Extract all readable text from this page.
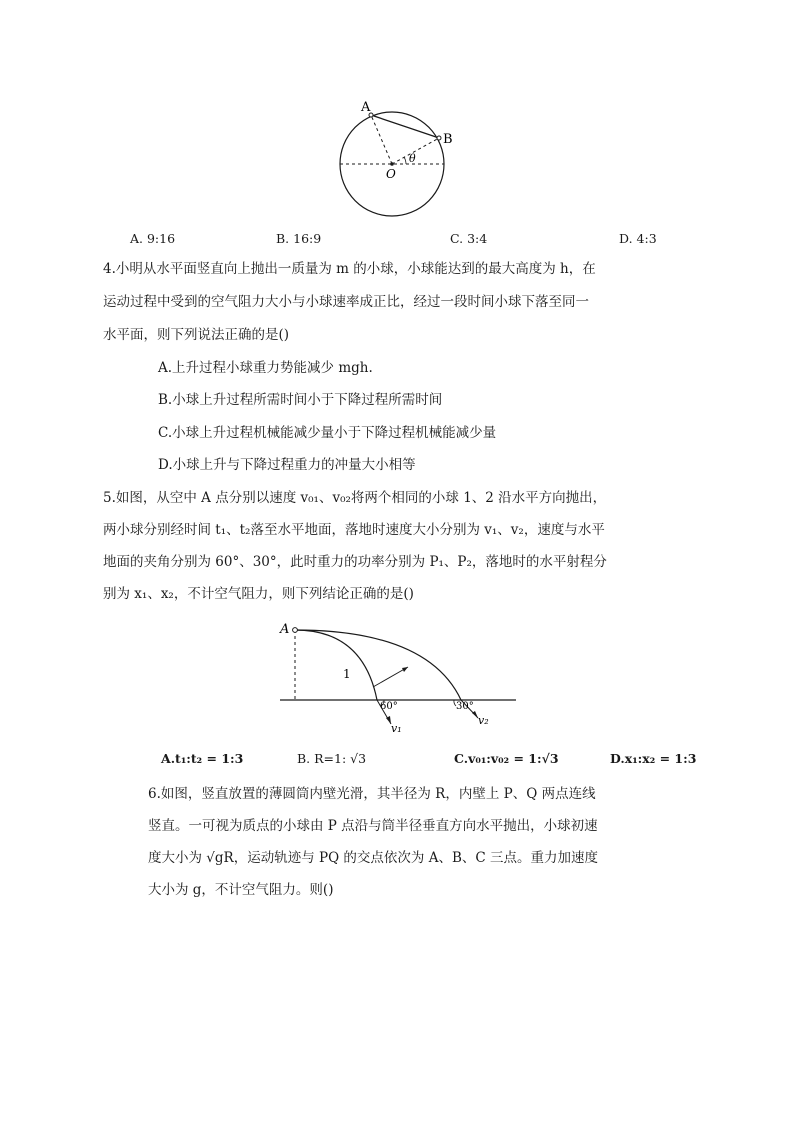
A
B
O
θ
A. 9:16	B. 16:9	C. 3:4	D. 4:3
4.小明从水平面竖直向上抛出一质量为 m 的小球，小球能达到的最大高度为 h，在
运动过程中受到的空气阻力大小与小球速率成正比，经过一段时间小球下落至同一
水平面，则下列说法正确的是()
A.上升过程小球重力势能减少 mgh.
B.小球上升过程所需时间小于下降过程所需时间
C.小球上升过程机械能减少量小于下降过程机械能减少量
D.小球上升与下降过程重力的冲量大小相等
5.如图，从空中 A 点分别以速度 v₀₁、v₀₂将两个相同的小球 1、2 沿水平方向抛出，
两小球分别经时间 t₁、t₂落至水平地面，落地时速度大小分别为 v₁、v₂，速度与水平
地面的夹角分别为 60°、30°，此时重力的功率分别为 P₁、P₂，落地时的水平射程分
别为 x₁、x₂，不计空气阻力，则下列结论正确的是()
A
1
60°	30°
v₁
v₂
A.t₁:t₂ = 1:3	B. R=1: √3	C.v₀₁:v₀₂ = 1:√3	D.x₁:x₂ = 1:3
6.如图，竖直放置的薄圆筒内壁光滑，其半径为 R，内壁上 P、Q 两点连线
竖直。一可视为质点的小球由 P 点沿与筒半径垂直方向水平抛出，小球初速
度大小为 √gR，运动轨迹与 PQ 的交点依次为 A、B、C 三点。重力加速度
大小为 g，不计空气阻力。则()
